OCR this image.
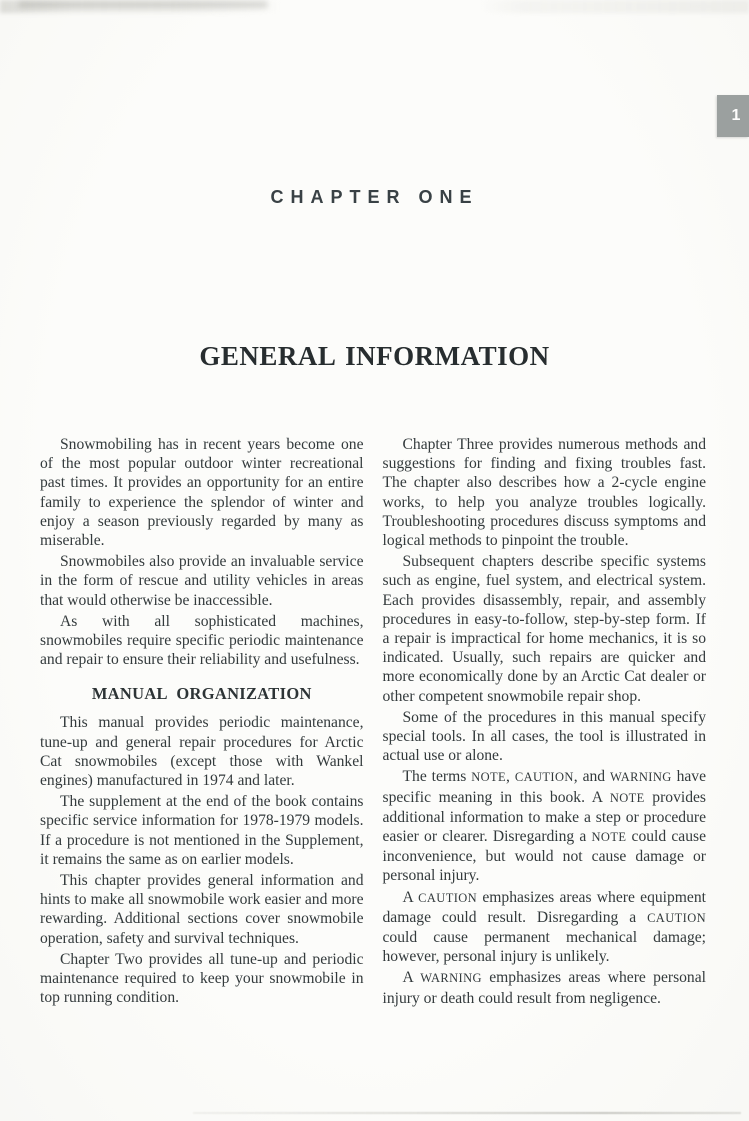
1
CHAPTER ONE
GENERAL INFORMATION

Snowmobiling has in recent years become one of the most popular outdoor winter recreational past times. It provides an opportunity for an entire family to experience the splendor of winter and enjoy a season previously regarded by many as miserable.

Snowmobiles also provide an invaluable service in the form of rescue and utility vehicles in areas that would otherwise be inaccessible.

As with all sophisticated machines, snowmobiles require specific periodic maintenance and repair to ensure their reliability and usefulness.

MANUAL ORGANIZATION

This manual provides periodic maintenance, tune-up and general repair procedures for Arctic Cat snowmobiles (except those with Wankel engines) manufactured in 1974 and later.

The supplement at the end of the book contains specific service information for 1978-1979 models. If a procedure is not mentioned in the Supplement, it remains the same as on earlier models.

This chapter provides general information and hints to make all snowmobile work easier and more rewarding. Additional sections cover snowmobile operation, safety and survival techniques.

Chapter Two provides all tune-up and periodic maintenance required to keep your snowmobile in top running condition.

Chapter Three provides numerous methods and suggestions for finding and fixing troubles fast. The chapter also describes how a 2-cycle engine works, to help you analyze troubles logically. Troubleshooting procedures discuss symptoms and logical methods to pinpoint the trouble.

Subsequent chapters describe specific systems such as engine, fuel system, and electrical system. Each provides disassembly, repair, and assembly procedures in easy-to-follow, step-by-step form. If a repair is impractical for home mechanics, it is so indicated. Usually, such repairs are quicker and more economically done by an Arctic Cat dealer or other competent snowmobile repair shop.

Some of the procedures in this manual specify special tools. In all cases, the tool is illustrated in actual use or alone.

The terms NOTE, CAUTION, and WARNING have specific meaning in this book. A NOTE provides additional information to make a step or procedure easier or clearer. Disregarding a NOTE could cause inconvenience, but would not cause damage or personal injury.

A CAUTION emphasizes areas where equipment damage could result. Disregarding a CAUTION could cause permanent mechanical damage; however, personal injury is unlikely.

A WARNING emphasizes areas where personal injury or death could result from negligence.
